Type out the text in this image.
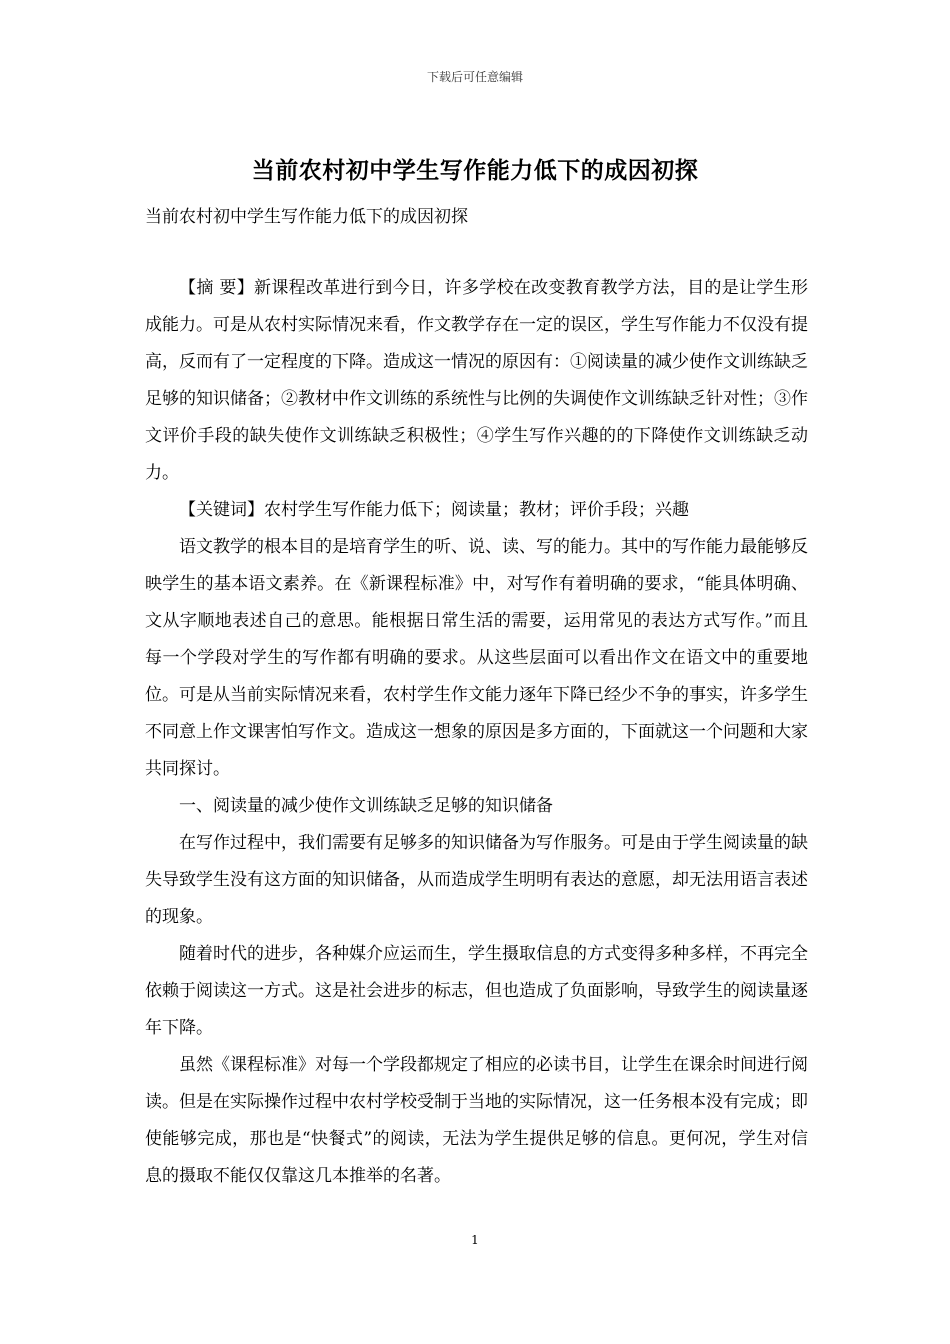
下载后可任意编辑
当前农村初中学生写作能力低下的成因初探
当前农村初中学生写作能力低下的成因初探

【摘 要】新课程改革进行到今日，许多学校在改变教育教学方法，目的是让学生形成能力。可是从农村实际情况来看，作文教学存在一定的误区，学生写作能力不仅没有提高，反而有了一定程度的下降。造成这一情况的原因有：①阅读量的减少使作文训练缺乏足够的知识储备；②教材中作文训练的系统性与比例的失调使作文训练缺乏针对性；③作文评价手段的缺失使作文训练缺乏积极性；④学生写作兴趣的的下降使作文训练缺乏动力。

【关键词】农村学生写作能力低下；阅读量；教材；评价手段；兴趣

语文教学的根本目的是培育学生的听、说、读、写的能力。其中的写作能力最能够反映学生的基本语文素养。在《新课程标准》中，对写作有着明确的要求，“能具体明确、文从字顺地表述自己的意思。能根据日常生活的需要，运用常见的表达方式写作。”而且每一个学段对学生的写作都有明确的要求。从这些层面可以看出作文在语文中的重要地位。可是从当前实际情况来看，农村学生作文能力逐年下降已经少不争的事实，许多学生不同意上作文课害怕写作文。造成这一想象的原因是多方面的，下面就这一个问题和大家共同探讨。

一、阅读量的减少使作文训练缺乏足够的知识储备

在写作过程中，我们需要有足够多的知识储备为写作服务。可是由于学生阅读量的缺失导致学生没有这方面的知识储备，从而造成学生明明有表达的意愿，却无法用语言表述的现象。

随着时代的进步，各种媒介应运而生，学生摄取信息的方式变得多种多样，不再完全依赖于阅读这一方式。这是社会进步的标志，但也造成了负面影响，导致学生的阅读量逐年下降。

虽然《课程标准》对每一个学段都规定了相应的必读书目，让学生在课余时间进行阅读。但是在实际操作过程中农村学校受制于当地的实际情况，这一任务根本没有完成；即使能够完成，那也是“快餐式”的阅读，无法为学生提供足够的信息。更何况，学生对信息的摄取不能仅仅靠这几本推举的名著。

1
